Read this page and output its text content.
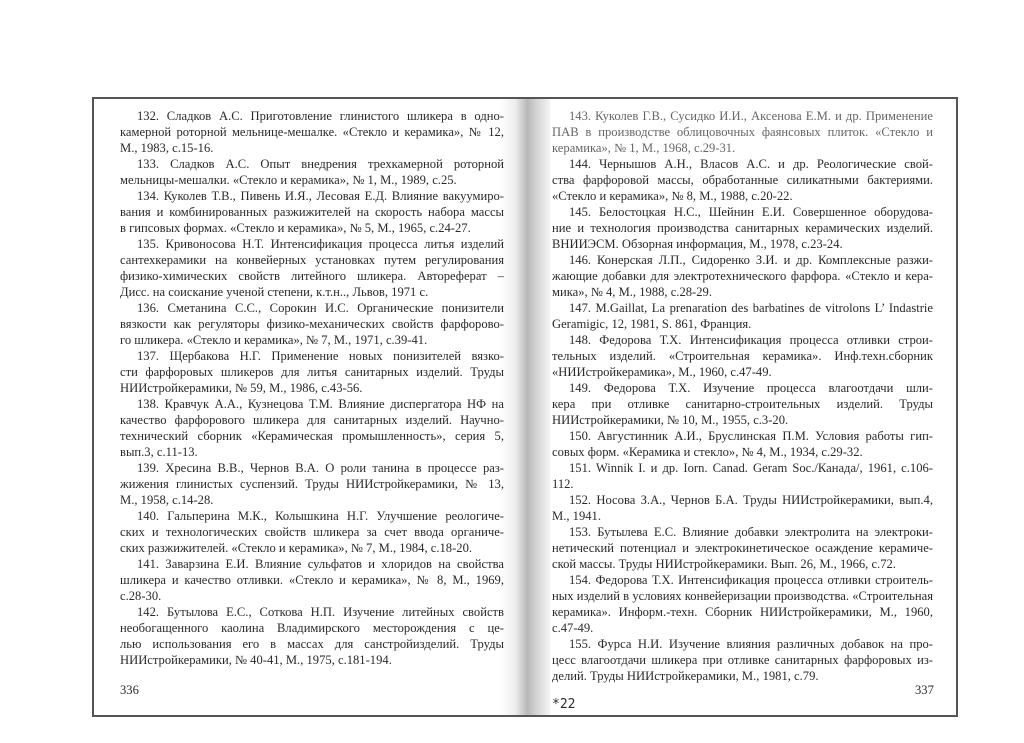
132. Сладков А.С. Приготовление глинистого шликера в одно-
камерной роторной мельнице-мешалке. «Стекло и керамика», № 12,
М., 1983, с.15-16.
133. Сладков А.С. Опыт внедрения трехкамерной роторной
мельницы-мешалки. «Стекло и керамика», № 1, М., 1989, с.25.
134. Куколев Т.В., Пивень И.Я., Лесовая Е.Д. Влияние вакуумиро-
вания и комбинированных разжижителей на скорость набора массы
в гипсовых формах. «Стекло и керамика», № 5, М., 1965, с.24-27.
135. Кривоносова Н.Т. Интенсификация процесса литья изделий
сантехкерамики на конвейерных установках путем регулирования
физико-химических свойств литейного шликера. Автореферат –
Дисс. на соискание ученой степени, к.т.н.., Львов, 1971 с.
136. Сметанина С.С., Сорокин И.С. Органические понизители
вязкости как регуляторы физико-механических свойств фарфорово-
го шликера. «Стекло и керамика», № 7, М., 1971, с.39-41.
137. Щербакова Н.Г. Применение новых понизителей вязко-
сти фарфоровых шликеров для литья санитарных изделий. Труды
НИИстройкерамики, № 59, М., 1986, с.43-56.
138. Кравчук А.А., Кузнецова Т.М. Влияние диспергатора НФ на
качество фарфорового шликера для санитарных изделий. Научно-
технический сборник «Керамическая промышленность», серия 5,
вып.3, с.11-13.
139. Хресина В.В., Чернов В.А. О роли танина в процессе раз-
жижения глинистых суспензий. Труды НИИстройкерамики, № 13,
М., 1958, с.14-28.
140. Гальперина М.К., Колышкина Н.Г. Улучшение реологиче-
ских и технологических свойств шликера за счет ввода органиче-
ских разжижителей. «Стекло и керамика», № 7, М., 1984, с.18-20.
141. Заварзина Е.И. Влияние сульфатов и хлоридов на свойства
шликера и качество отливки. «Стекло и керамика», № 8, М., 1969,
с.28-30.
142. Бутылова Е.С., Соткова Н.П. Изучение литейных свойств
необогащенного каолина Владимирского месторождения с це-
лью использования его в массах для санстройизделий. Труды
НИИстройкерамики, № 40-41, М., 1975, с.181-194.
143. Куколев Г.В., Сусидко И.И., Аксенова Е.М. и др. Применение
ПАВ в производстве облицовочных фаянсовых плиток. «Стекло и
керамика», № 1, М., 1968, с.29-31.
144. Чернышов А.Н., Власов А.С. и др. Реологические свой-
ства фарфоровой массы, обработанные силикатными бактериями.
«Стекло и керамика», № 8, М., 1988, с.20-22.
145. Белостоцкая Н.С., Шейнин Е.И. Совершенное оборудова-
ние и технология производства санитарных керамических изделий.
ВНИИЭСМ. Обзорная информация, М., 1978, с.23-24.
146. Конерская Л.П., Сидоренко З.И. и др. Комплексные разжи-
жающие добавки для электротехнического фарфора. «Стекло и кера-
мика», № 4, М., 1988, с.28-29.
147. M.Gaillat, La prenaration des barbatines de vitrolons L’ Indastrie
Geramigic, 12, 1981, S. 861, Франция.
148. Федорова Т.Х. Интенсификация процесса отливки строи-
тельных изделий. «Строительная керамика». Инф.техн.сборник
«НИИстройкерамика», М., 1960, с.47-49.
149. Федорова Т.Х. Изучение процесса влагоотдачи шли-
кера при отливке санитарно-строительных изделий. Труды
НИИстройкерамики, № 10, М., 1955, с.3-20.
150. Августинник А.И., Бруслинская П.М. Условия работы гип-
совых форм. «Керамика и стекло», № 4, М., 1934, с.29-32.
151. Winnik I. и др. Iorn. Canad. Geram Soc./Канада/, 1961, с.106-
112.
152. Носова З.А., Чернов Б.А. Труды НИИстройкерамики, вып.4,
М., 1941.
153. Бутылева Е.С. Влияние добавки электролита на электроки-
нетический потенциал и электрокинетическое осаждение керамиче-
ской массы. Труды НИИстройкерамики. Вып. 26, М., 1966, с.72.
154. Федорова Т.Х. Интенсификация процесса отливки строитель-
ных изделий в условиях конвейеризации производства. «Строительная
керамика». Информ.-техн. Сборник НИИстройкерамики, М., 1960,
с.47-49.
155. Фурса Н.И. Изучение влияния различных добавок на про-
цесс влагоотдачи шликера при отливке санитарных фарфоровых из-
делий. Труды НИИстройкерамики, М., 1981, с.79.
336	337
*22
